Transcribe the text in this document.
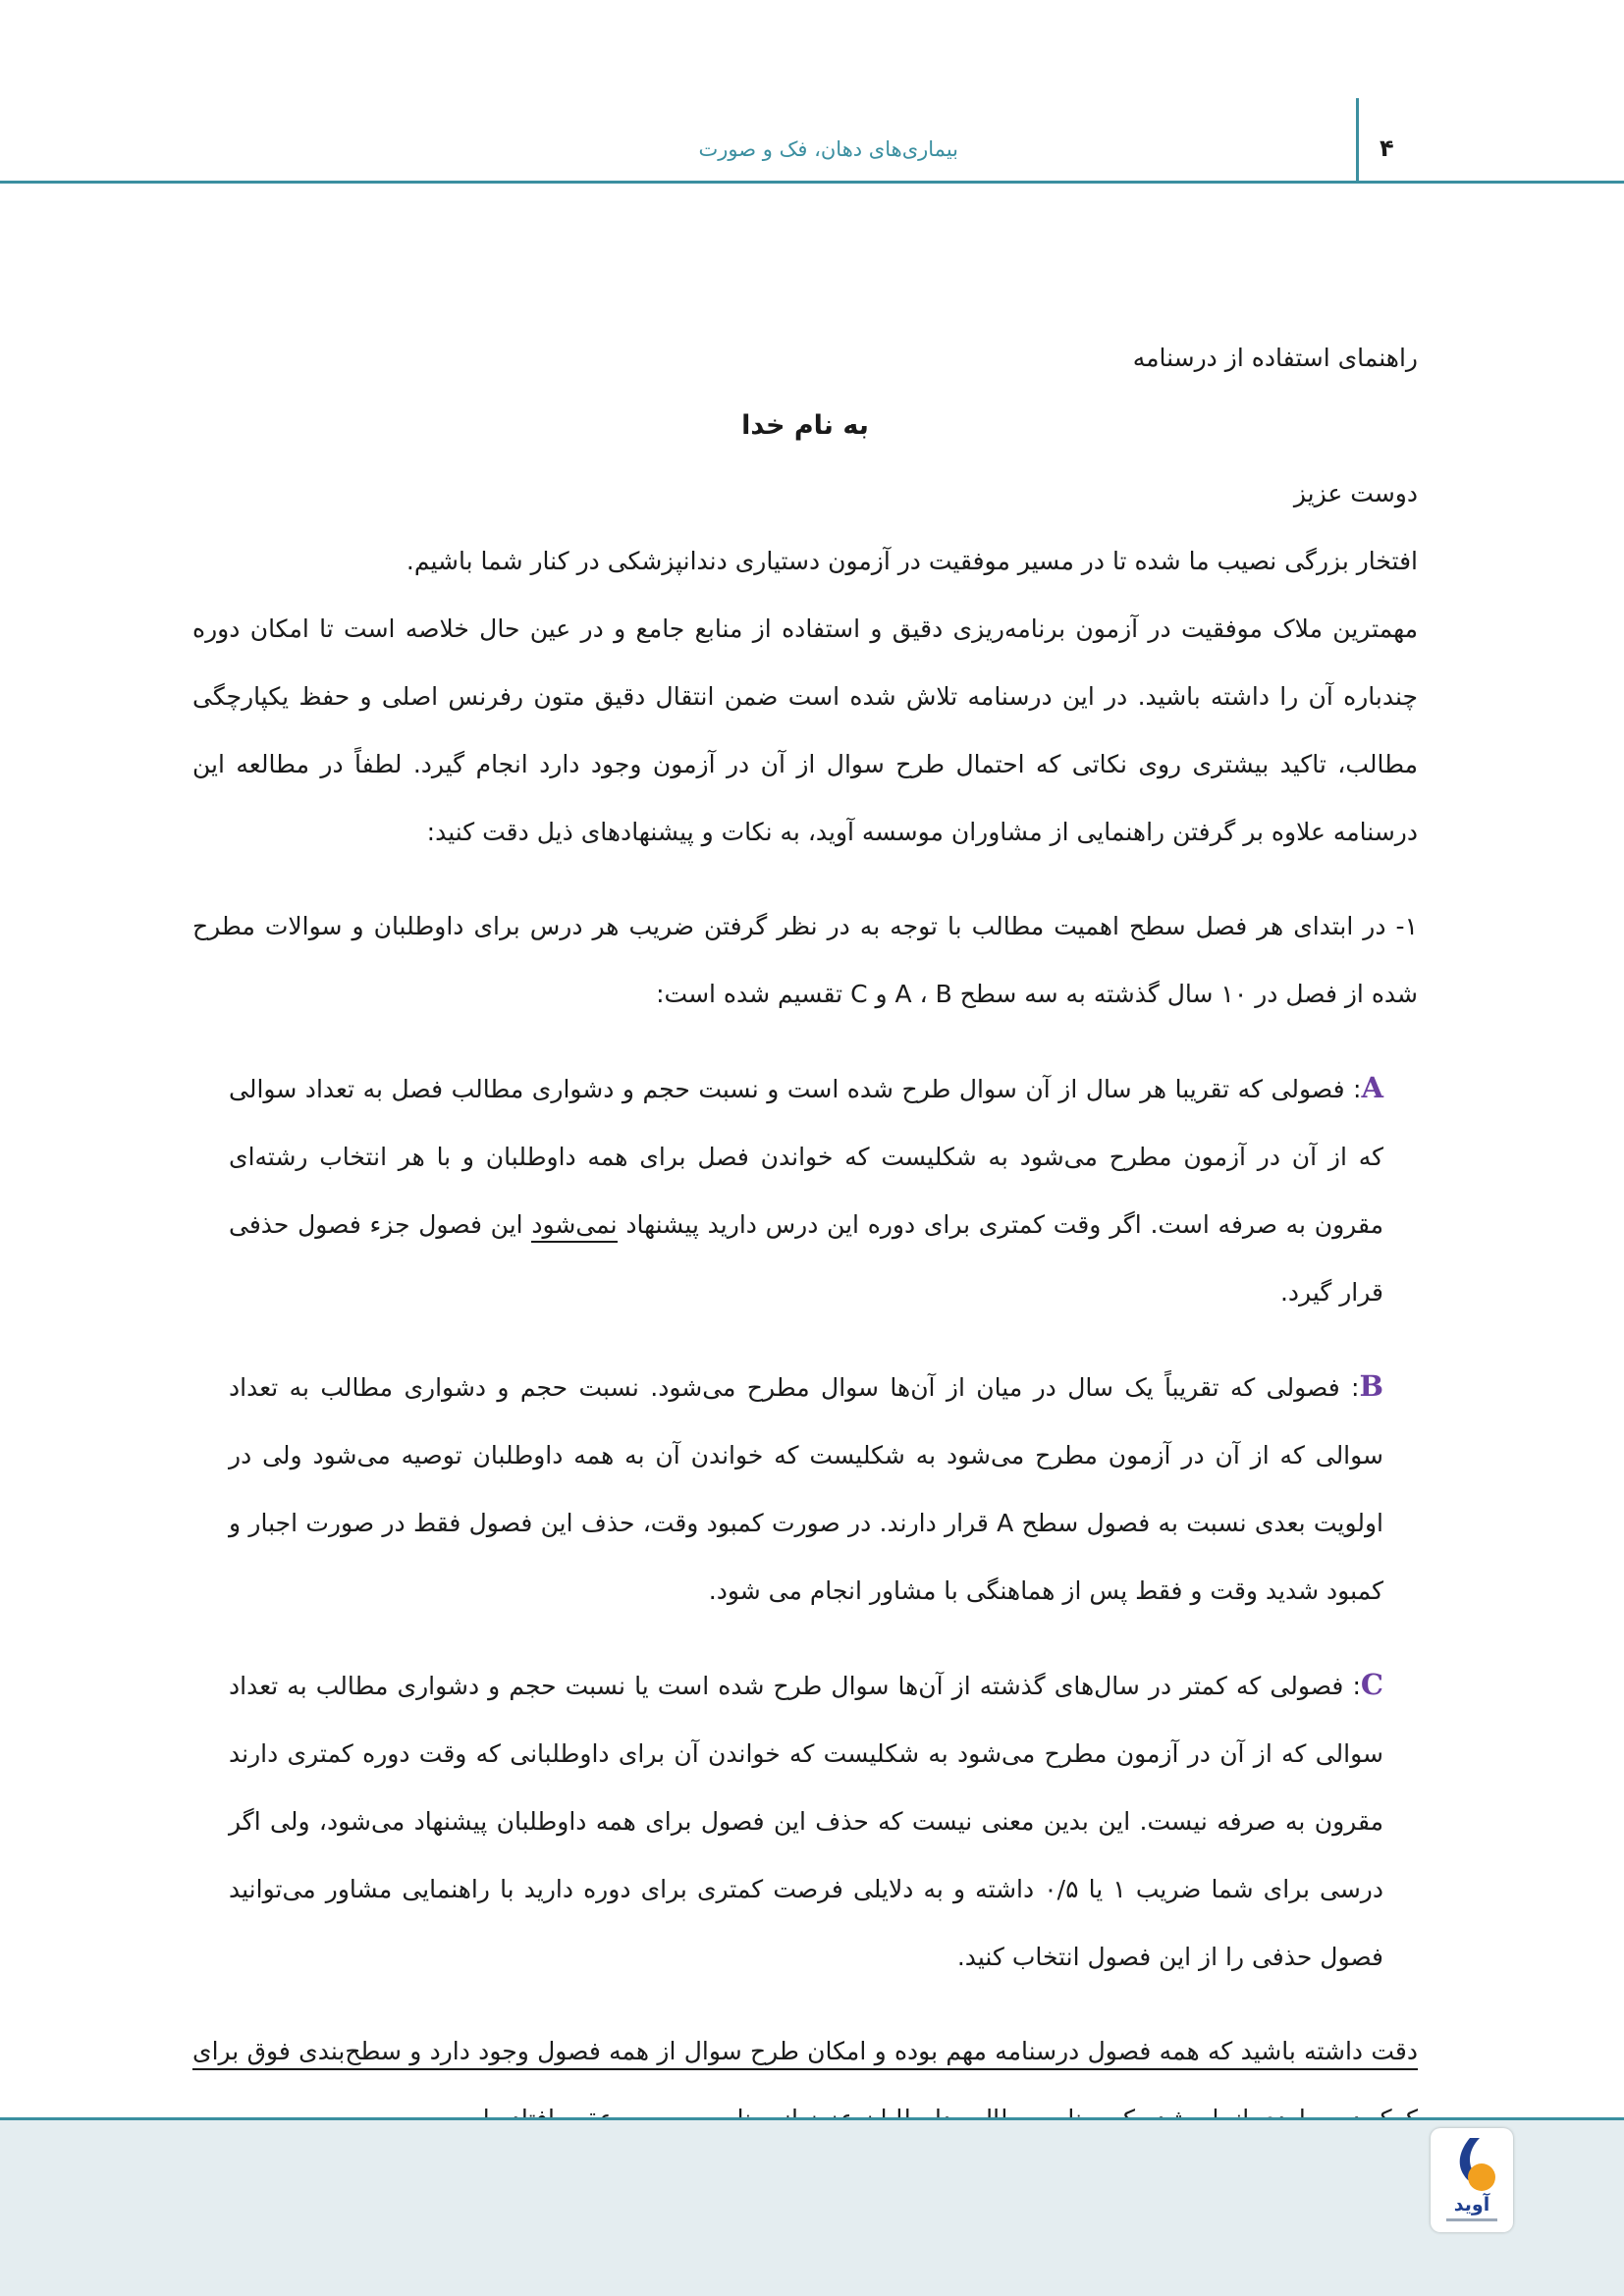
بیماری‌های دهان، فک و صورت	۴

راهنمای استفاده از درسنامه

به نام خدا

دوست عزیز

افتخار بزرگی نصیب ما شده تا در مسیر موفقیت در آزمون دستیاری دندانپزشکی در کنار شما باشیم.

مهمترین ملاک موفقیت در آزمون برنامه‌ریزی دقیق و استفاده از منابع جامع و در عین حال خلاصه است تا امکان دوره چندباره آن را داشته باشید. در این درسنامه تلاش شده است ضمن انتقال دقیق متون رفرنس اصلی و حفظ یکپارچگی مطالب، تاکید بیشتری روی نکاتی که احتمال طرح سوال از آن در آزمون وجود دارد انجام گیرد. لطفاً در مطالعه این درسنامه علاوه بر گرفتن راهنمایی از مشاوران موسسه آوید، به نکات و پیشنهادهای ذیل دقت کنید:

۱- در ابتدای هر فصل سطح اهمیت مطالب با توجه به در نظر گرفتن ضریب هر درس برای داوطلبان و سوالات مطرح شده از فصل در ۱۰ سال گذشته به سه سطح A ، B و C تقسیم شده است:

A: فصولی که تقریبا هر سال از آن سوال طرح شده است و نسبت حجم و دشواری مطالب فصل به تعداد سوالی که از آن در آزمون مطرح می‌شود به شکلیست که خواندن فصل برای همه داوطلبان و با هر انتخاب رشته‌ای مقرون به صرفه است. اگر وقت کمتری برای دوره این درس دارید پیشنهاد نمی‌شود این فصول جزء فصول حذفی قرار گیرد.

B: فصولی که تقریباً یک سال در میان از آن‌ها سوال مطرح می‌شود. نسبت حجم و دشواری مطالب به تعداد سوالی که از آن در آزمون مطرح می‌شود به شکلیست که خواندن آن به همه داوطلبان توصیه می‌شود ولی در اولویت بعدی نسبت به فصول سطح A قرار دارند. در صورت کمبود وقت، حذف این فصول فقط در صورت اجبار و کمبود شدید وقت و فقط پس از هماهنگی با مشاور انجام می شود.

C: فصولی که کمتر در سال‌های گذشته از آن‌ها سوال طرح شده است یا نسبت حجم و دشواری مطالب به تعداد سوالی که از آن در آزمون مطرح می‌شود به شکلیست که خواندن آن برای داوطلبانی که وقت دوره کمتری دارند مقرون به صرفه نیست. این بدین معنی نیست که حذف این فصول برای همه داوطلبان پیشنهاد می‌شود، ولی اگر درسی برای شما ضریب ۱ یا ۰/۵ داشته و به دلایلی فرصت کمتری برای دوره دارید با راهنمایی مشاور می‌توانید فصول حذفی را از این فصول انتخاب کنید.

دقت داشته باشید که همه فصول درسنامه مهم بوده و امکان طرح سوال از همه فصول وجود دارد و سطح‌بندی فوق برای

آوید
